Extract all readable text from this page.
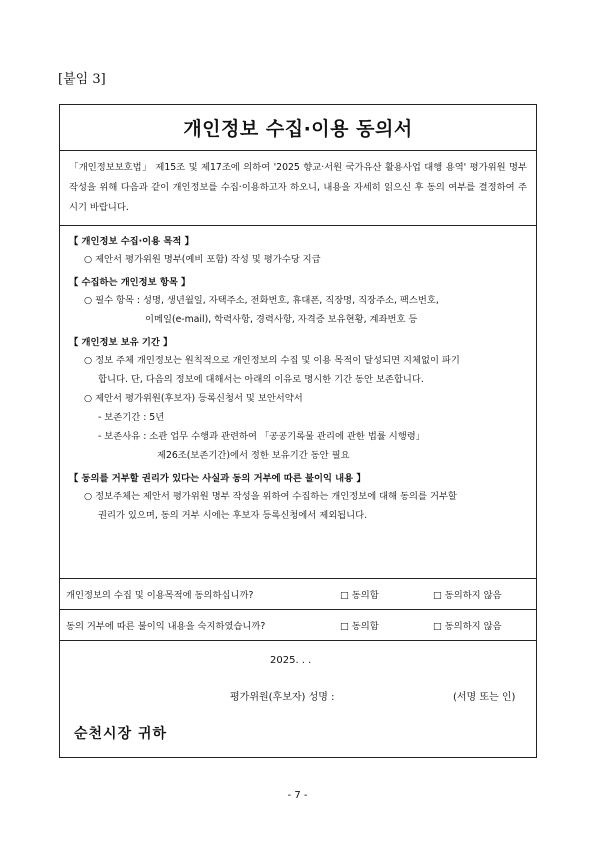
[붙임 3]
개인정보 수집·이용 동의서
「개인정보보호법」 제15조 및 제17조에 의하여 '2025 향교·서원 국가유산 활용사업 대행 용역' 평가위원 명부 작성을 위해 다음과 같이 개인정보를 수집·이용하고자 하오니, 내용을 자세히 읽으신 후 동의 여부를 결정하여 주시기 바랍니다.
【 개인정보 수집·이용 목적 】
○ 제안서 평가위원 명부(예비 포함) 작성 및 평가수당 지급
【 수집하는 개인정보 항목 】
○ 필수 항목 : 성명, 생년월일, 자택주소, 전화번호, 휴대폰, 직장명, 직장주소, 팩스번호,
이메일(e-mail), 학력사항, 경력사항, 자격증 보유현황, 계좌번호 등
【 개인정보 보유 기간 】
○ 정보 주체 개인정보는 원칙적으로 개인정보의 수집 및 이용 목적이 달성되면 지체없이 파기
합니다. 단, 다음의 정보에 대해서는 아래의 이유로 명시한 기간 동안 보존합니다.
○ 제안서 평가위원(후보자) 등록신청서 및 보안서약서
- 보존기간 : 5년
- 보존사유 : 소관 업무 수행과 관련하여 「공공기록물 관리에 관한 법률 시행령」
제26조(보존기간)에서 정한 보유기간 동안 필요
【 동의를 거부할 권리가 있다는 사실과 동의 거부에 따른 불이익 내용 】
○ 정보주체는 제안서 평가위원 명부 작성을 위하여 수집하는 개인정보에 대해 동의를 거부할
권리가 있으며, 동의 거부 시에는 후보자 등록신청에서 제외됩니다.
개인정보의 수집 및 이용목적에 동의하십니까?	□ 동의함	□ 동의하지 않음
동의 거부에 따른 불이익 내용을 숙지하였습니까?	□ 동의함	□ 동의하지 않음
2025. . .
평가위원(후보자) 성명 :	(서명 또는 인)
순천시장 귀하
- 7 -
